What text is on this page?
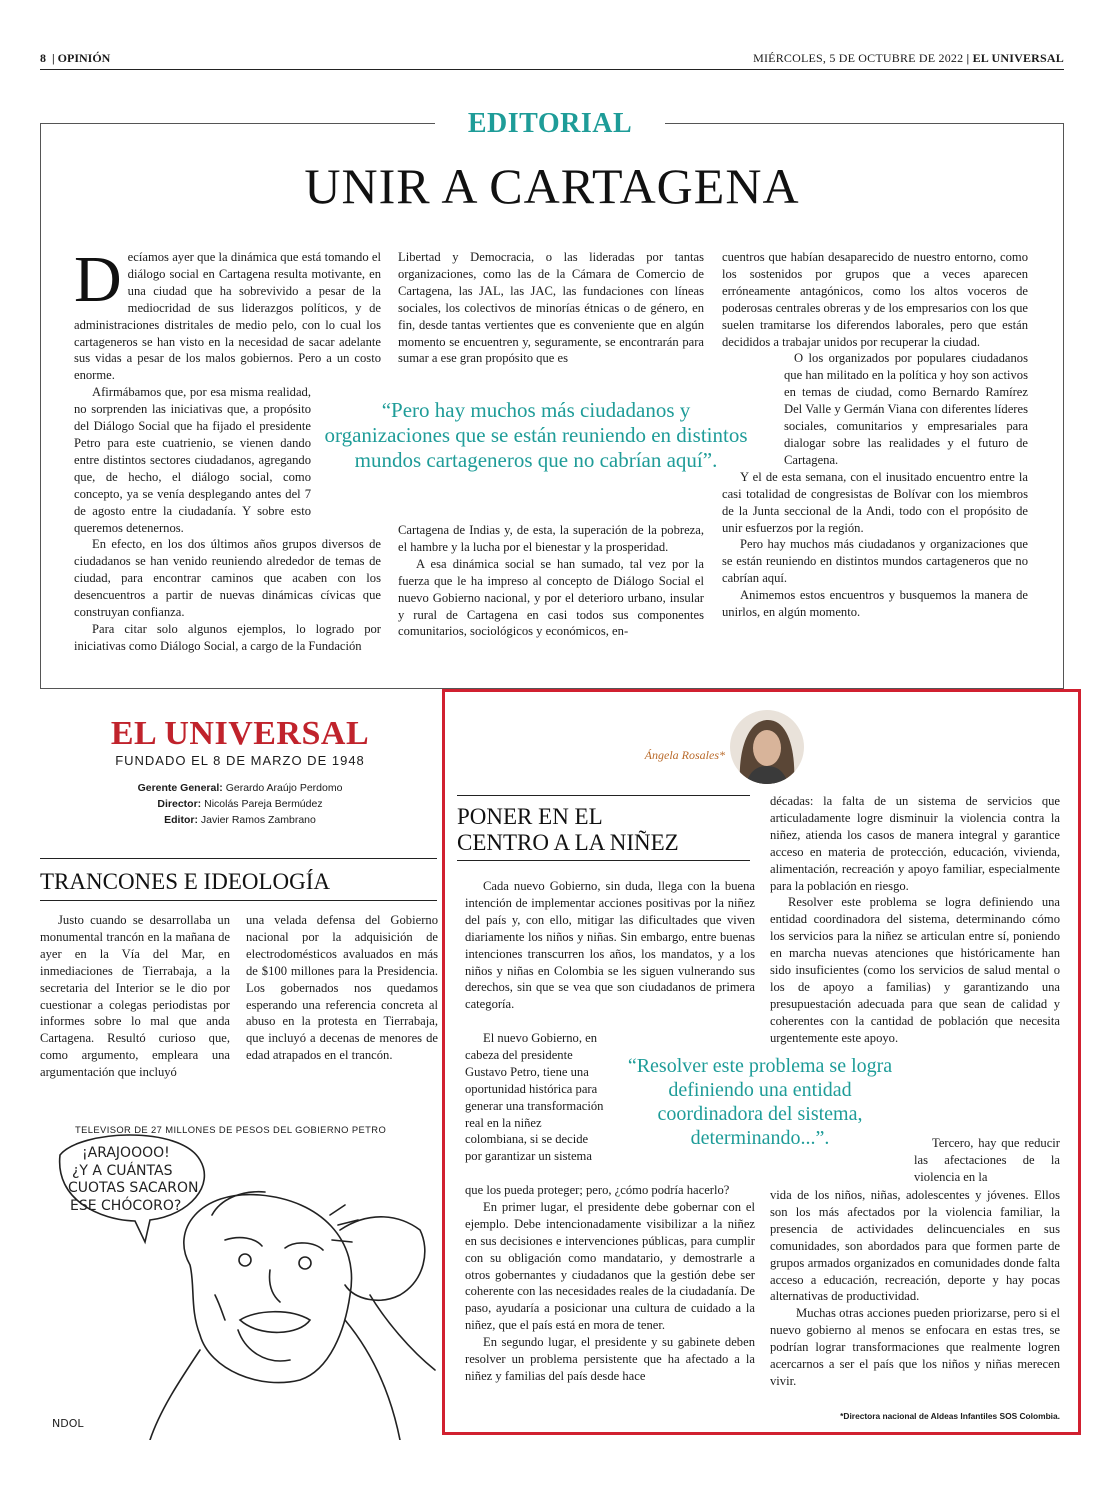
8  | OPINIÓN	MIÉRCOLES, 5 DE OCTUBRE DE 2022 | EL UNIVERSAL
EDITORIAL
UNIR A CARTAGENA

Decíamos ayer que la dinámica que está tomando el diálogo social en Cartagena resulta motivante, en una ciudad que ha sobrevivido a pesar de la mediocridad de sus liderazgos políticos, y de administraciones distritales de medio pelo, con lo cual los cartageneros se han visto en la necesidad de sacar adelante sus vidas a pesar de los malos gobiernos. Pero a un costo enorme.

Afirmábamos que, por esa misma realidad, no sorprenden las iniciativas que, a propósito del Diálogo Social que ha fijado el presidente Petro para este cuatrienio, se vienen dando entre distintos sectores ciudadanos, agregando que, de hecho, el diálogo social, como concepto, ya se venía desplegando antes del 7 de agosto entre la ciudadanía. Y sobre esto queremos detenernos.

En efecto, en los dos últimos años grupos diversos de ciudadanos se han venido reuniendo alrededor de temas de ciudad, para encontrar caminos que acaben con los desencuentros a partir de nuevas dinámicas cívicas que construyan confianza.

Para citar solo algunos ejemplos, lo logrado por iniciativas como Diálogo Social, a cargo de la Fundación

Libertad y Democracia, o las lideradas por tantas organizaciones, como las de la Cámara de Comercio de Cartagena, las JAL, las JAC, las fundaciones con líneas sociales, los colectivos de minorías étnicas o de género, en fin, desde tantas vertientes que es conveniente que en algún momento se encuentren y, seguramente, se encontrarán para sumar a ese gran propósito que es

Cartagena de Indias y, de esta, la superación de la pobreza, el hambre y la lucha por el bienestar y la prosperidad.

A esa dinámica social se han sumado, tal vez por la fuerza que le ha impreso al concepto de Diálogo Social el nuevo Gobierno nacional, y por el deterioro urbano, insular y rural de Cartagena en casi todos sus componentes comunitarios, sociológicos y económicos, en-

cuentros que habían desaparecido de nuestro entorno, como los sostenidos por grupos que a veces aparecen erróneamente antagónicos, como los altos voceros de poderosas centrales obreras y de los empresarios con los que suelen tramitarse los diferendos laborales, pero que están decididos a trabajar unidos por recuperar la ciudad.

O los organizados por populares ciudadanos que han militado en la política y hoy son activos en temas de ciudad, como Bernardo Ramírez Del Valle y Germán Viana con diferentes líderes sociales, comunitarios y empresariales para dialogar sobre las realidades y el futuro de Cartagena.

Y el de esta semana, con el inusitado encuentro entre la casi totalidad de congresistas de Bolívar con los miembros de la Junta seccional de la Andi, todo con el propósito de unir esfuerzos por la región.

Pero hay muchos más ciudadanos y organizaciones que se están reuniendo en distintos mundos cartageneros que no cabrían aquí.

Animemos estos encuentros y busquemos la manera de unirlos, en algún momento.

“Pero hay muchos más ciudadanos y organizaciones que se están reuniendo en distintos mundos cartageneros que no cabrían aquí”.
EL UNIVERSAL
FUNDADO EL 8 DE MARZO DE 1948
Gerente General: Gerardo Araújo Perdomo
Director: Nicolás Pareja Bermúdez
Editor: Javier Ramos Zambrano
TRANCONES E IDEOLOGÍA

Justo cuando se desarrollaba un monumental trancón en la mañana de ayer en la Vía del Mar, en inmediaciones de Tierrabaja, a la secretaria del Interior se le dio por cuestionar a colegas periodistas por informes sobre lo mal que anda Cartagena. Resultó curioso que, como argumento, empleara una argumentación que incluyó

una velada defensa del Gobierno nacional por la adquisición de electrodomésticos avaluados en más de $100 millones para la Presidencia. Los gobernados nos quedamos esperando una referencia concreta al abuso en la protesta en Tierrabaja, que incluyó a decenas de menores de edad atrapados en el trancón.

TELEVISOR DE 27 MILLONES DE PESOS DEL GOBIERNO PETRO
¡ARAJOOOO!
¿Y A CUÁNTAS
CUOTAS SACARON
ESE CHÓCORO?
NDOL
Ángela Rosales*
PONER EN EL
CENTRO A LA NIÑEZ

Cada nuevo Gobierno, sin duda, llega con la buena intención de implementar acciones positivas por la niñez del país y, con ello, mitigar las dificultades que viven diariamente los niños y niñas. Sin embargo, entre buenas intenciones transcurren los años, los mandatos, y a los niños y niñas en Colombia se les siguen vulnerando sus derechos, sin que se vea que son ciudadanos de primera categoría.

El nuevo Gobierno, en cabeza del presidente Gustavo Petro, tiene una oportunidad histórica para generar una transformación real en la niñez colombiana, si se decide por garantizar un sistema

que los pueda proteger; pero, ¿cómo podría hacerlo?

En primer lugar, el presidente debe gobernar con el ejemplo. Debe intencionadamente visibilizar a la niñez en sus decisiones e intervenciones públicas, para cumplir con su obligación como mandatario, y demostrarle a otros gobernantes y ciudadanos que la gestión debe ser coherente con las necesidades reales de la ciudadanía. De paso, ayudaría a posicionar una cultura de cuidado a la niñez, que el país está en mora de tener.

En segundo lugar, el presidente y su gabinete deben resolver un problema persistente que ha afectado a la niñez y familias del país desde hace

décadas: la falta de un sistema de servicios que articuladamente logre disminuir la violencia contra la niñez, atienda los casos de manera integral y garantice acceso en materia de protección, educación, vivienda, alimentación, recreación y apoyo familiar, especialmente para la población en riesgo.

Resolver este problema se logra definiendo una entidad coordinadora del sistema, determinando cómo los servicios para la niñez se articulan entre sí, poniendo en marcha nuevas atenciones que históricamente han sido insuficientes (como los servicios de salud mental o los de apoyo a familias) y garantizando una presupuestación adecuada para que sean de calidad y coherentes con la cantidad de población que necesita urgentemente este apoyo.

Tercero, hay que reducir las afectaciones de la violencia en la

vida de los niños, niñas, adolescentes y jóvenes. Ellos son los más afectados por la violencia familiar, la presencia de actividades delincuenciales en sus comunidades, son abordados para que formen parte de grupos armados organizados en comunidades donde falta acceso a educación, recreación, deporte y hay pocas alternativas de productividad.

Muchas otras acciones pueden priorizarse, pero si el nuevo gobierno al menos se enfocara en estas tres, se podrían lograr transformaciones que realmente logren acercarnos a ser el país que los niños y niñas merecen vivir.

“Resolver este problema se logra definiendo una entidad coordinadora del sistema, determinando...”.
*Directora nacional de Aldeas Infantiles SOS Colombia.
